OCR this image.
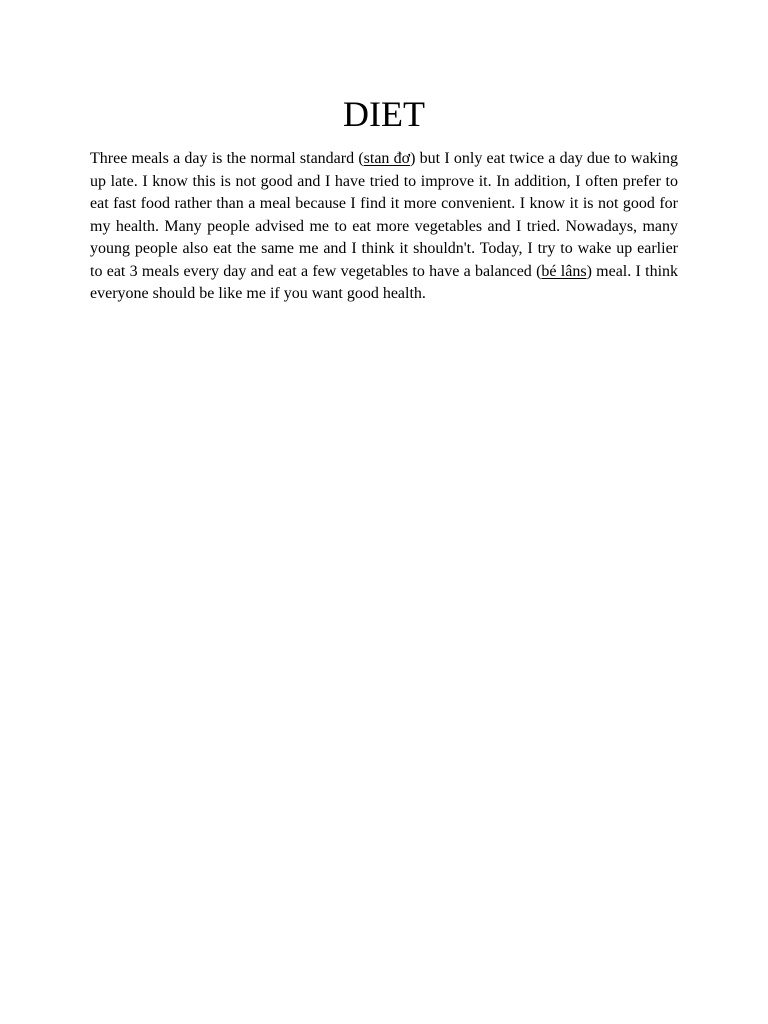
DIET

Three meals a day is the normal standard (stan đơ) but I only eat twice a day due to waking up late. I know this is not good and I have tried to improve it. In addition, I often prefer to eat fast food rather than a meal because I find it more convenient. I know it is not good for my health. Many people advised me to eat more vegetables and I tried. Nowadays, many young people also eat the same me and I think it shouldn't. Today, I try to wake up earlier to eat 3 meals every day and eat a few vegetables to have a balanced (bé lâns) meal. I think everyone should be like me if you want good health.
